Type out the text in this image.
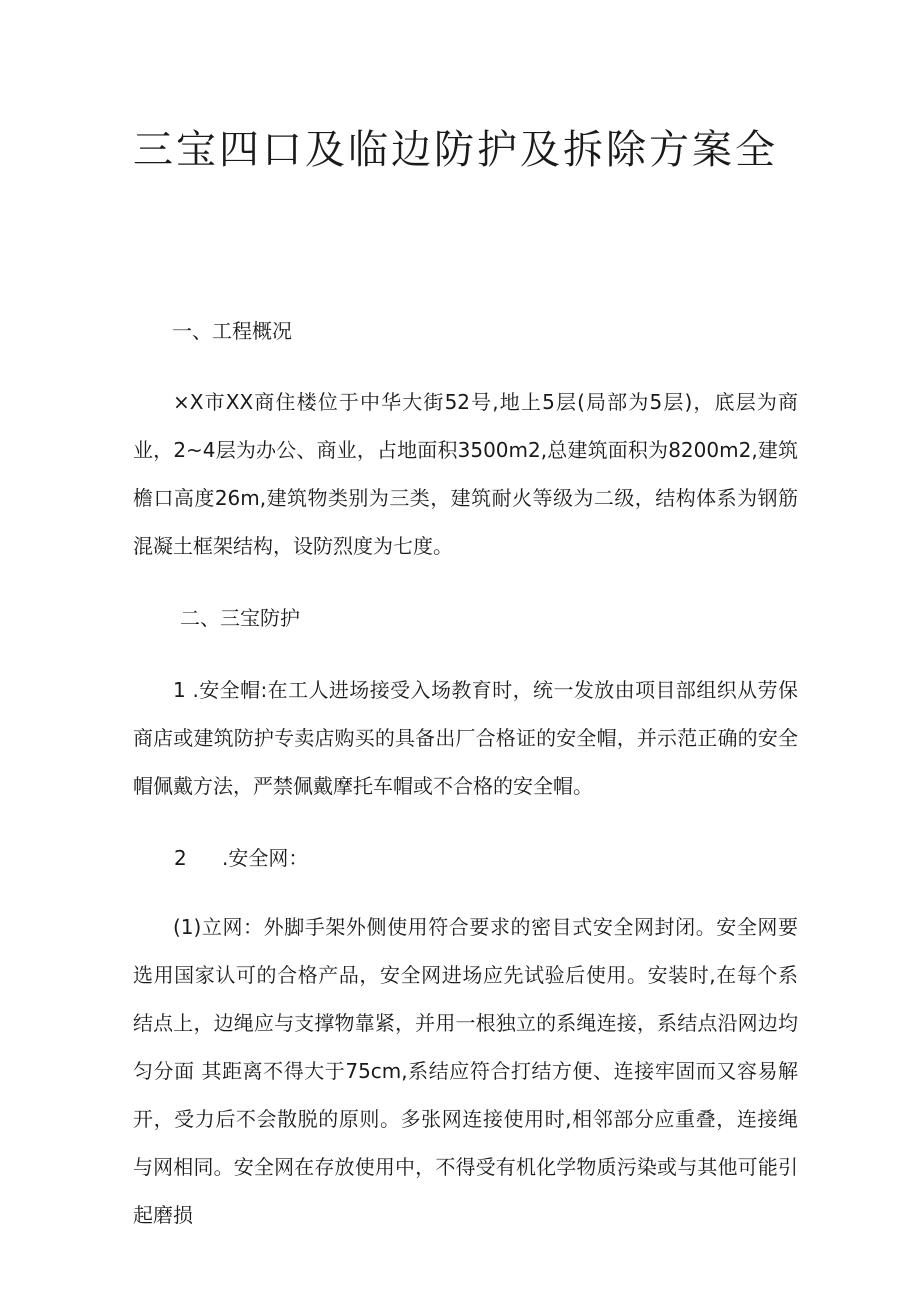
三宝四口及临边防护及拆除方案全
一、工程概况

×X市XX商住楼位于中华大街52号,地上5层(局部为5层)，底层为商业，2~4层为办公、商业，占地面积3500m2,总建筑面积为8200m2,建筑檐口高度26m,建筑物类别为三类，建筑耐火等级为二级，结构体系为钢筋混凝土框架结构，设防烈度为七度。

二、三宝防护

1 .安全帽:在工人进场接受入场教育时，统一发放由项目部组织从劳保商店或建筑防护专卖店购买的具备出厂合格证的安全帽，并示范正确的安全帽佩戴方法，严禁佩戴摩托车帽或不合格的安全帽。

2 .安全网：

(1)立网：外脚手架外侧使用符合要求的密目式安全网封闭。安全网要选用国家认可的合格产品，安全网进场应先试验后使用。安装时,在每个系结点上，边绳应与支撑物靠紧，并用一根独立的系绳连接，系结点沿网边均匀分面 其距离不得大于75cm,系结应符合打结方便、连接牢固而又容易解开，受力后不会散脱的原则。多张网连接使用时,相邻部分应重叠，连接绳与网相同。安全网在存放使用中，不得受有机化学物质污染或与其他可能引起磨损
